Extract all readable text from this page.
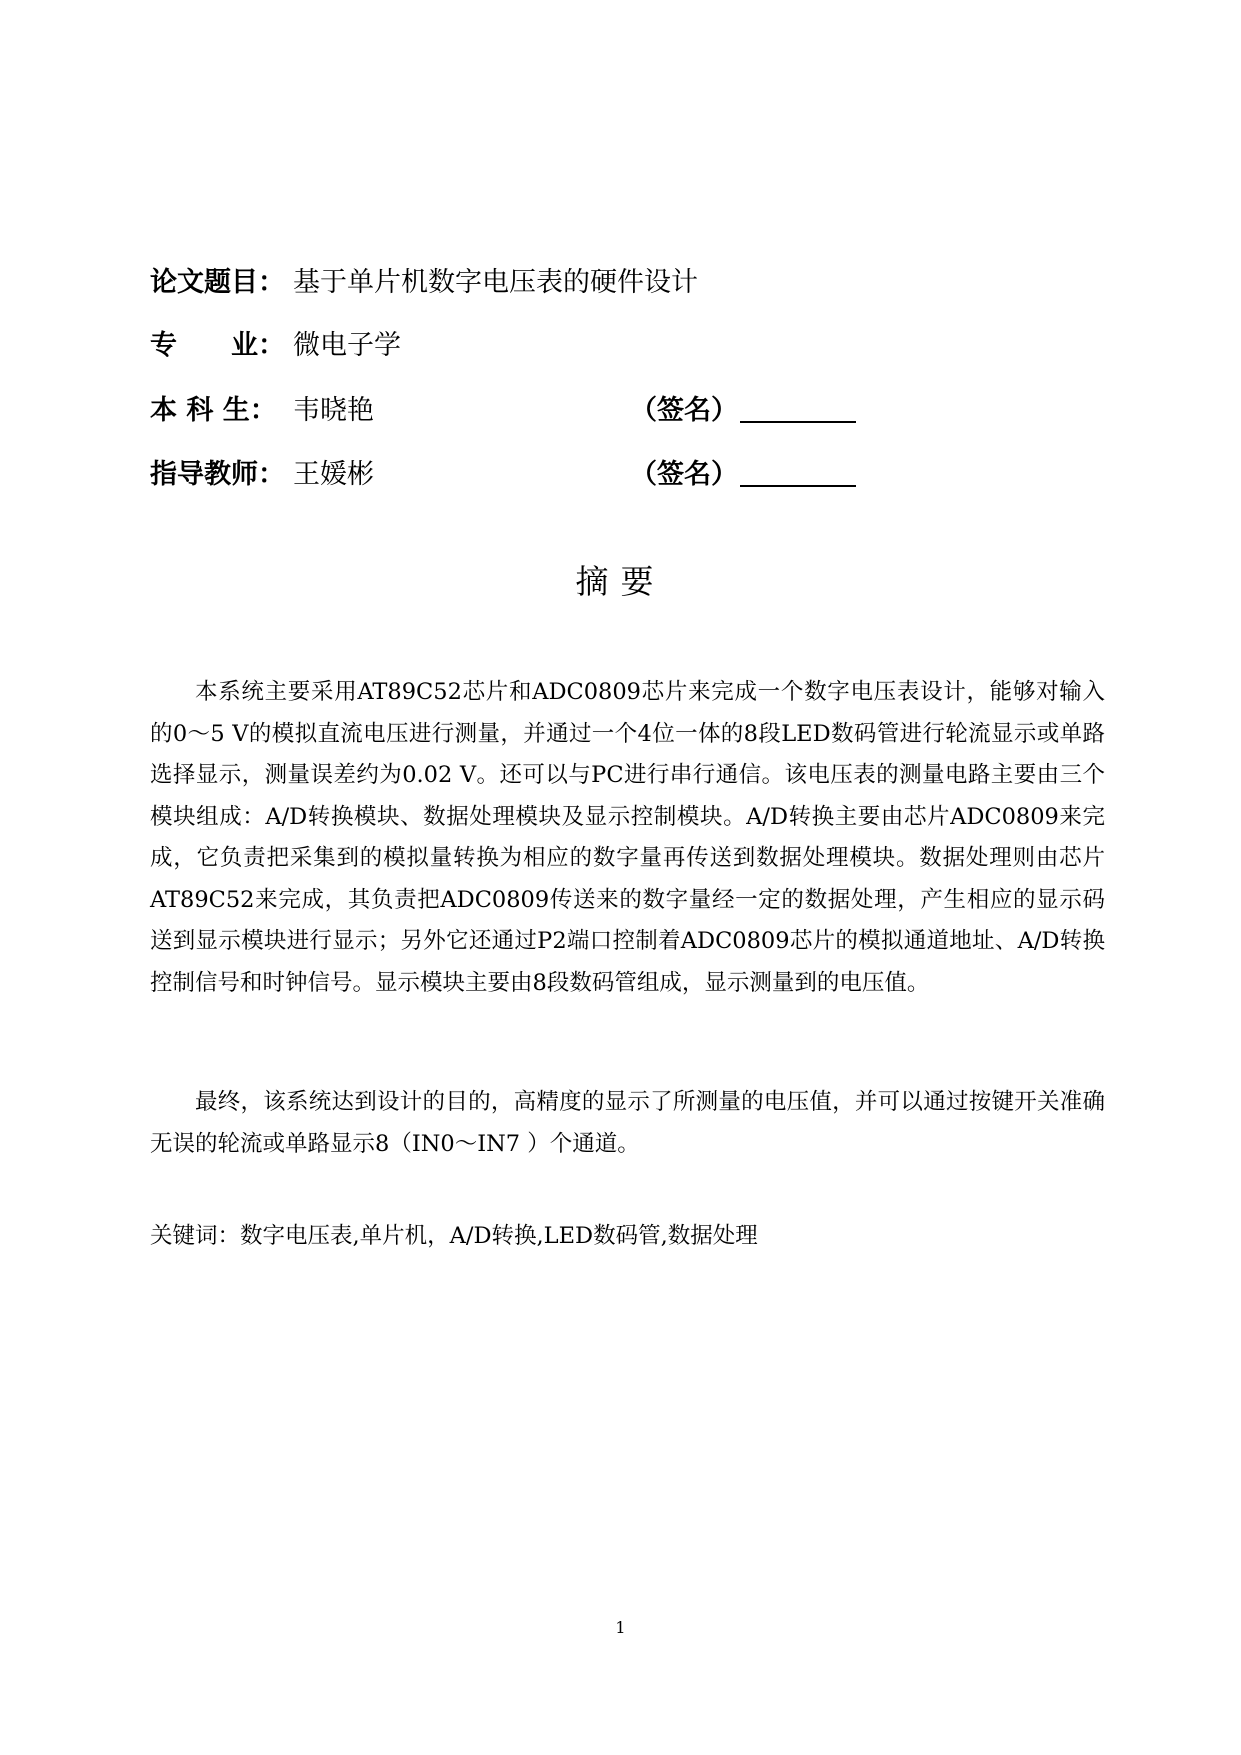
论文题目： 基于单片机数字电压表的硬件设计
专　　业： 微电子学
本 科 生： 韦晓艳	（签名）
指导教师： 王媛彬	（签名）
摘要

本系统主要采用AT89C52芯片和ADC0809芯片来完成一个数字电压表设计，能够对输入的0～5 V的模拟直流电压进行测量，并通过一个4位一体的8段LED数码管进行轮流显示或单路选择显示，测量误差约为0.02 V。还可以与PC进行串行通信。该电压表的测量电路主要由三个模块组成：A/D转换模块、数据处理模块及显示控制模块。A/D转换主要由芯片ADC0809来完成，它负责把采集到的模拟量转换为相应的数字量再传送到数据处理模块。数据处理则由芯片AT89C52来完成，其负责把ADC0809传送来的数字量经一定的数据处理，产生相应的显示码送到显示模块进行显示；另外它还通过P2端口控制着ADC0809芯片的模拟通道地址、A/D转换控制信号和时钟信号。显示模块主要由8段数码管组成，显示测量到的电压值。

最终，该系统达到设计的目的，高精度的显示了所测量的电压值，并可以通过按键开关准确无误的轮流或单路显示8（IN0～IN7 ）个通道。

关键词：数字电压表,单片机，A/D转换,LED数码管,数据处理
1
